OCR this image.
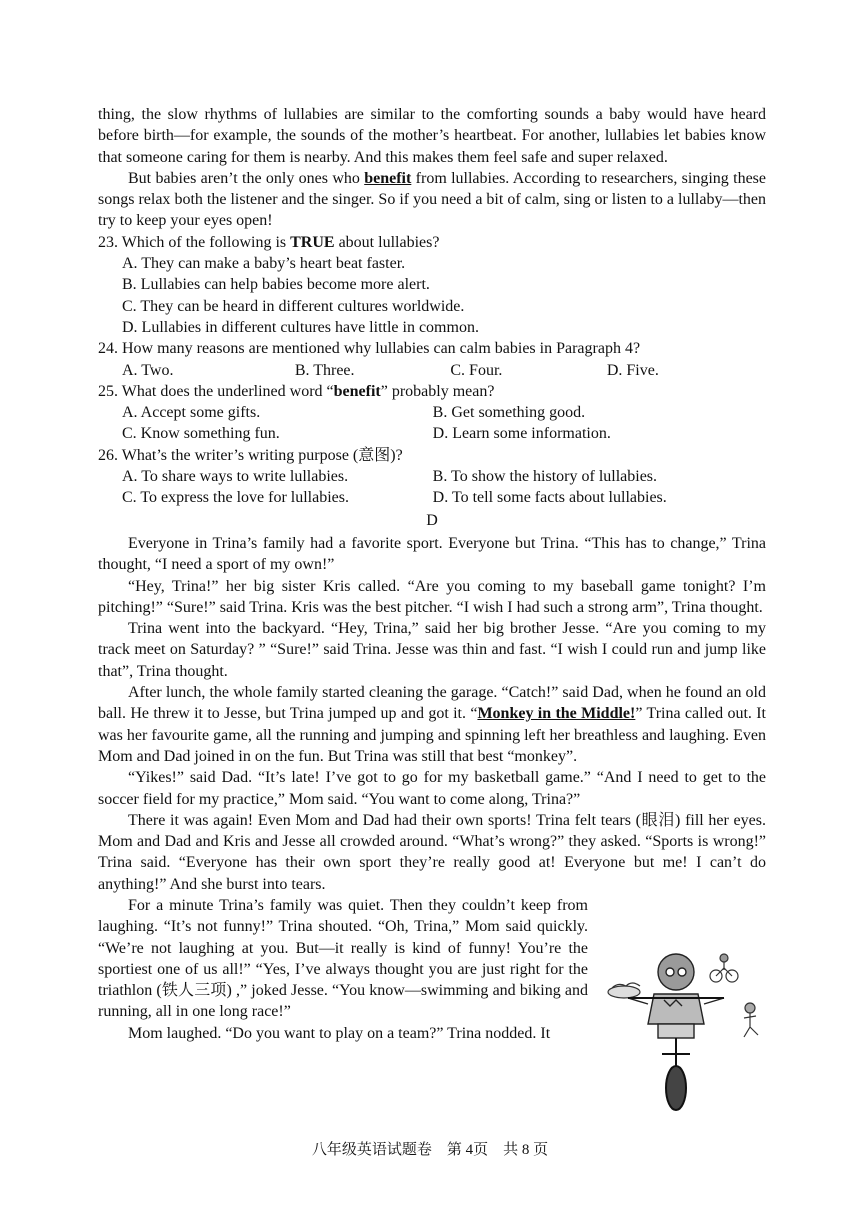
thing, the slow rhythms of lullabies are similar to the comforting sounds a baby would have heard before birth—for example, the sounds of the mother’s heartbeat. For another, lullabies let babies know that someone caring for them is nearby. And this makes them feel safe and super relaxed.

But babies aren’t the only ones who benefit from lullabies. According to researchers, singing these songs relax both the listener and the singer. So if you need a bit of calm, sing or listen to a lullaby—then try to keep your eyes open!

23. Which of the following is TRUE about lullabies?

A. They can make a baby’s heart beat faster.

B. Lullabies can help babies become more alert.

C. They can be heard in different cultures worldwide.

D. Lullabies in different cultures have little in common.

24. How many reasons are mentioned why lullabies can calm babies in Paragraph 4?

A. Two.	B. Three.	C. Four.	D. Five.

25. What does the underlined word “benefit” probably mean?

A. Accept some gifts.	B. Get something good.
C. Know something fun.	D. Learn some information.

26. What’s the writer’s writing purpose (意图)?

A. To share ways to write lullabies.	B. To show the history of lullabies.
C. To express the love for lullabies.	D. To tell some facts about lullabies.
D

Everyone in Trina’s family had a favorite sport. Everyone but Trina. “This has to change,” Trina thought, “I need a sport of my own!”

“Hey, Trina!” her big sister Kris called. “Are you coming to my baseball game tonight? I’m pitching!” “Sure!” said Trina. Kris was the best pitcher. “I wish I had such a strong arm”, Trina thought.

Trina went into the backyard. “Hey, Trina,” said her big brother Jesse. “Are you coming to my track meet on Saturday? ” “Sure!” said Trina. Jesse was thin and fast. “I wish I could run and jump like that”, Trina thought.

After lunch, the whole family started cleaning the garage. “Catch!” said Dad, when he found an old ball. He threw it to Jesse, but Trina jumped up and got it. “Monkey in the Middle!” Trina called out. It was her favourite game, all the running and jumping and spinning left her breathless and laughing. Even Mom and Dad joined in on the fun. But Trina was still that best “monkey”.

“Yikes!” said Dad. “It’s late! I’ve got to go for my basketball game.” “And I need to get to the soccer field for my practice,” Mom said. “You want to come along, Trina?”

There it was again! Even Mom and Dad had their own sports! Trina felt tears (眼泪) fill her eyes. Mom and Dad and Kris and Jesse all crowded around. “What’s wrong?” they asked. “Sports is wrong!” Trina said. “Everyone has their own sport they’re really good at! Everyone but me! I can’t do anything!” And she burst into tears.

For a minute Trina’s family was quiet. Then they couldn’t keep from laughing. “It’s not funny!” Trina shouted. “Oh, Trina,” Mom said quickly. “We’re not laughing at you. But—it really is kind of funny! You’re the sportiest one of us all!” “Yes, I’ve always thought you are just right for the triathlon (铁人三项) ,” joked Jesse. “You know—swimming and biking and running, all in one long race!”

Mom laughed. “Do you want to play on a team?” Trina nodded. It

八年级英语试题卷　第 4页　共 8 页
